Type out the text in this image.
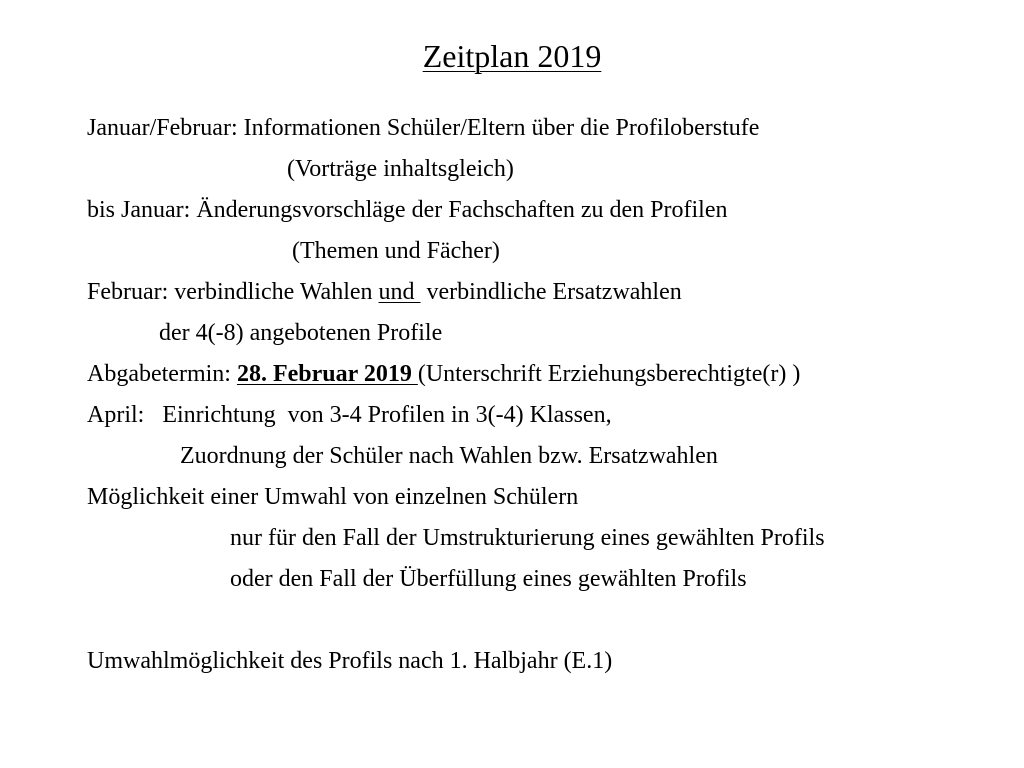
Zeitplan 2019
Januar/Februar: Informationen Schüler/Eltern über die Profiloberstufe
(Vorträge inhaltsgleich)
bis Januar: Änderungsvorschläge der Fachschaften zu den Profilen
(Themen und Fächer)
Februar: verbindliche Wahlen und  verbindliche Ersatzwahlen
der 4(-8) angebotenen Profile
Abgabetermin: 28. Februar 2019 (Unterschrift Erziehungsberechtigte(r) )
April:   Einrichtung  von 3-4 Profilen in 3(-4) Klassen,
Zuordnung der Schüler nach Wahlen bzw. Ersatzwahlen
Möglichkeit einer Umwahl von einzelnen Schülern
nur für den Fall der Umstrukturierung eines gewählten Profils
oder den Fall der Überfüllung eines gewählten Profils
Umwahlmöglichkeit des Profils nach 1. Halbjahr (E.1)
